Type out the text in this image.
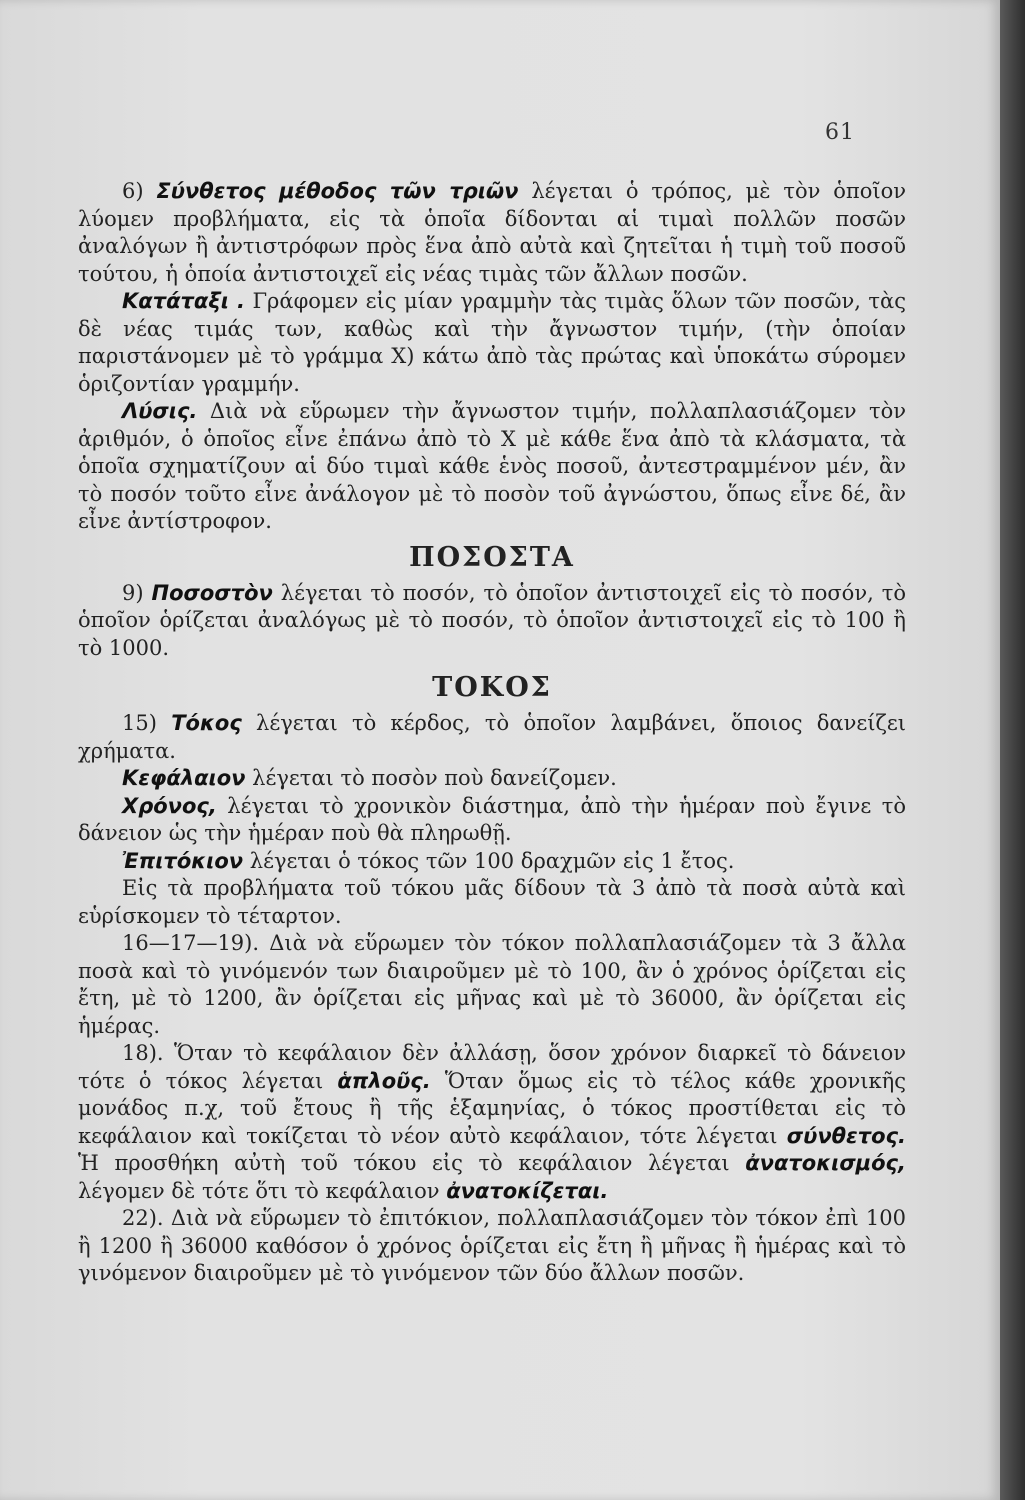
61

6) Σύνθετος μέθοδος τῶν τριῶν λέγεται ὁ τρόπος, μὲ τὸν ὁποῖον λύομεν προβλήματα, εἰς τὰ ὁποῖα δίδονται αἱ τιμαὶ πολλῶν ποσῶν ἀναλόγων ἢ ἀντιστρόφων πρὸς ἕνα ἀπὸ αὐτὰ καὶ ζητεῖται ἡ τιμὴ τοῦ ποσοῦ τούτου, ἡ ὁποία ἀντιστοιχεῖ εἰς νέας τιμὰς τῶν ἄλλων ποσῶν.

Κατάταξι . Γράφομεν εἰς μίαν γραμμὴν τὰς τιμὰς ὅλων τῶν ποσῶν, τὰς δὲ νέας τιμάς των, καθὼς καὶ τὴν ἄγνωστον τιμήν, (τὴν ὁποίαν παριστάνομεν μὲ τὸ γράμμα Χ) κάτω ἀπὸ τὰς πρώτας καὶ ὑποκάτω σύρομεν ὁριζοντίαν γραμμήν.

Λύσις. Διὰ νὰ εὕρωμεν τὴν ἄγνωστον τιμήν, πολλαπλασιάζομεν τὸν ἀριθμόν, ὁ ὁποῖος εἶνε ἐπάνω ἀπὸ τὸ Χ μὲ κάθε ἕνα ἀπὸ τὰ κλάσματα, τὰ ὁποῖα σχηματίζουν αἱ δύο τιμαὶ κάθε ἑνὸς ποσοῦ, ἀντεστραμμένον μέν, ἂν τὸ ποσόν τοῦτο εἶνε ἀνάλογον μὲ τὸ ποσὸν τοῦ ἀγνώστου, ὅπως εἶνε δέ, ἂν εἶνε ἀντίστροφον.

ΠΟΣΟΣΤΑ

9) Ποσοστὸν λέγεται τὸ ποσόν, τὸ ὁποῖον ἀντιστοιχεῖ εἰς τὸ ποσόν, τὸ ὁποῖον ὁρίζεται ἀναλόγως μὲ τὸ ποσόν, τὸ ὁποῖον ἀντιστοιχεῖ εἰς τὸ 100 ἢ τὸ 1000.

ΤΟΚΟΣ

15) Τόκος λέγεται τὸ κέρδος, τὸ ὁποῖον λαμβάνει, ὅποιος δανείζει χρήματα.

Κεφάλαιον λέγεται τὸ ποσὸν ποὺ δανείζομεν.

Χρόνος, λέγεται τὸ χρονικὸν διάστημα, ἀπὸ τὴν ἡμέραν ποὺ ἔγινε τὸ δάνειον ὡς τὴν ἡμέραν ποὺ θὰ πληρωθῇ.

Ἐπιτόκιον λέγεται ὁ τόκος τῶν 100 δραχμῶν εἰς 1 ἔτος.

Εἰς τὰ προβλήματα τοῦ τόκου μᾶς δίδουν τὰ 3 ἀπὸ τὰ ποσὰ αὐτὰ καὶ εὑρίσκομεν τὸ τέταρτον.

16—17—19). Διὰ νὰ εὕρωμεν τὸν τόκον πολλαπλασιάζομεν τὰ 3 ἄλλα ποσὰ καὶ τὸ γινόμενόν των διαιροῦμεν μὲ τὸ 100, ἂν ὁ χρόνος ὁρίζεται εἰς ἔτη, μὲ τὸ 1200, ἂν ὁρίζεται εἰς μῆνας καὶ μὲ τὸ 36000, ἂν ὁρίζεται εἰς ἡμέρας.

18). Ὅταν τὸ κεφάλαιον δὲν ἀλλάσῃ, ὅσον χρόνον διαρκεῖ τὸ δάνειον τότε ὁ τόκος λέγεται ἁπλοῦς. Ὅταν ὅμως εἰς τὸ τέλος κάθε χρονικῆς μονάδος π.χ, τοῦ ἔτους ἢ τῆς ἑξαμηνίας, ὁ τόκος προστίθεται εἰς τὸ κεφάλαιον καὶ τοκίζεται τὸ νέον αὐτὸ κεφάλαιον, τότε λέγεται σύνθετος. Ἡ προσθήκη αὐτὴ τοῦ τόκου εἰς τὸ κεφάλαιον λέγεται ἀνατοκισμός, λέγομεν δὲ τότε ὅτι τὸ κεφάλαιον ἀνατοκίζεται.

22). Διὰ νὰ εὕρωμεν τὸ ἐπιτόκιον, πολλαπλασιάζομεν τὸν τόκον ἐπὶ 100 ἢ 1200 ἢ 36000 καθόσον ὁ χρόνος ὁρίζεται εἰς ἔτη ἢ μῆνας ἢ ἡμέρας καὶ τὸ γινόμενον διαιροῦμεν μὲ τὸ γινόμενον τῶν δύο ἄλλων ποσῶν.
